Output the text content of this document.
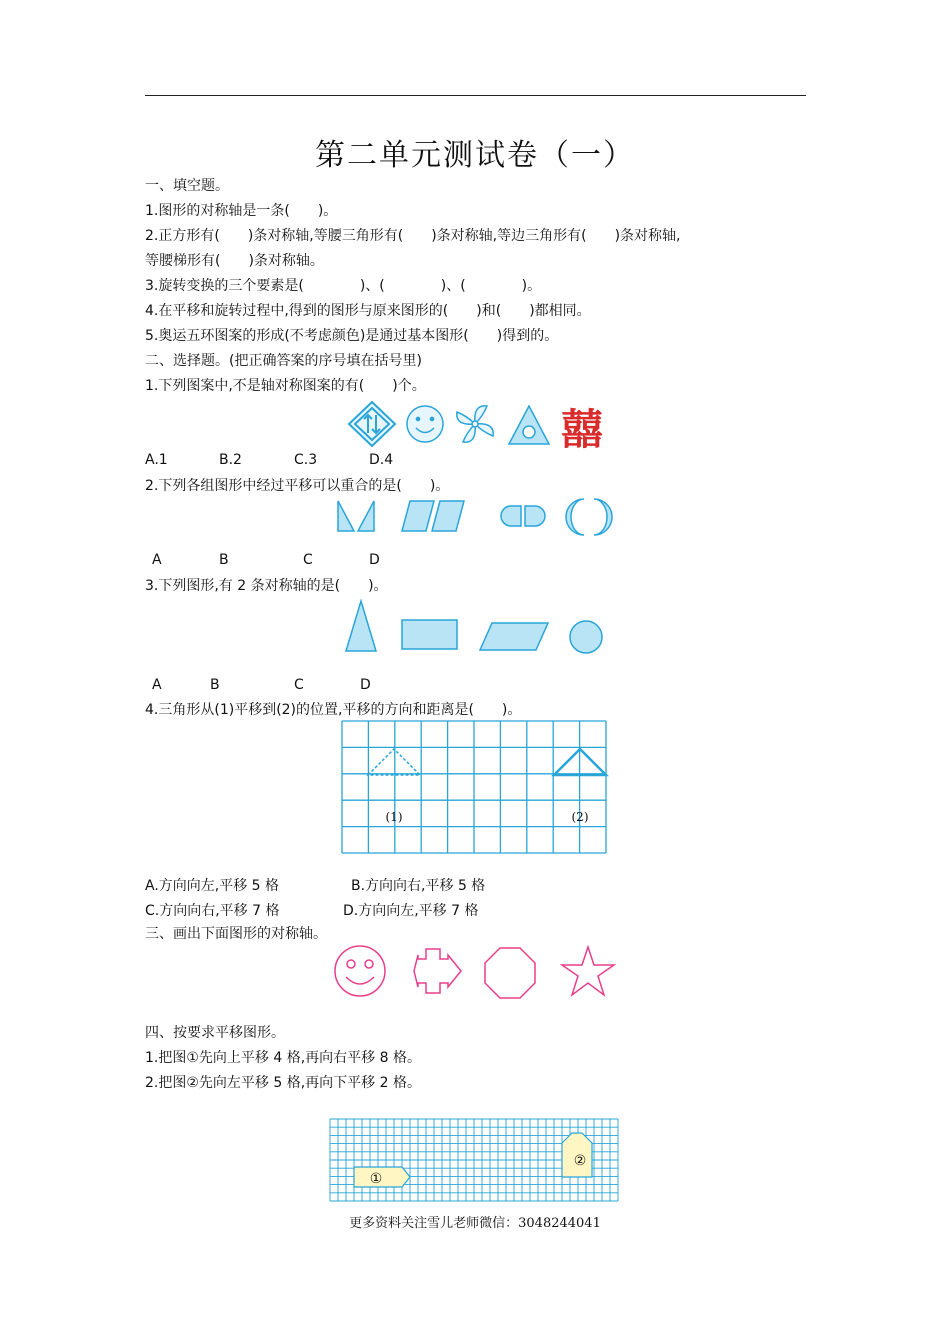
第二单元测试卷（一）
一、填空题。
1.图形的对称轴是一条(　　)。
2.正方形有(　　)条对称轴,等腰三角形有(　　)条对称轴,等边三角形有(　　)条对称轴,
等腰梯形有(　　)条对称轴。
3.旋转变换的三个要素是(　　　　)、(　　　　)、(　　　　)。
4.在平移和旋转过程中,得到的图形与原来图形的(　　)和(　　)都相同。
5.奥运五环图案的形成(不考虑颜色)是通过基本图形(　　)得到的。
二、选择题。(把正确答案的序号填在括号里)
1.下列图案中,不是轴对称图案的有(　　)个。
囍
A.1	B.2	C.3	D.4
2.下列各组图形中经过平移可以重合的是(　　)。
A	B	C	D
3.下列图形,有 2 条对称轴的是(　　)。
A	B	C	D
4.三角形从(1)平移到(2)的位置,平移的方向和距离是(　　)。
(1)	(2)
A.方向向左,平移 5 格	B.方向向右,平移 5 格
C.方向向右,平移 7 格	D.方向向左,平移 7 格
三、画出下面图形的对称轴。
四、按要求平移图形。
1.把图①先向上平移 4 格,再向右平移 8 格。
2.把图②先向左平移 5 格,再向下平移 2 格。
①
②
更多资料关注雪儿老师微信：3048244041
